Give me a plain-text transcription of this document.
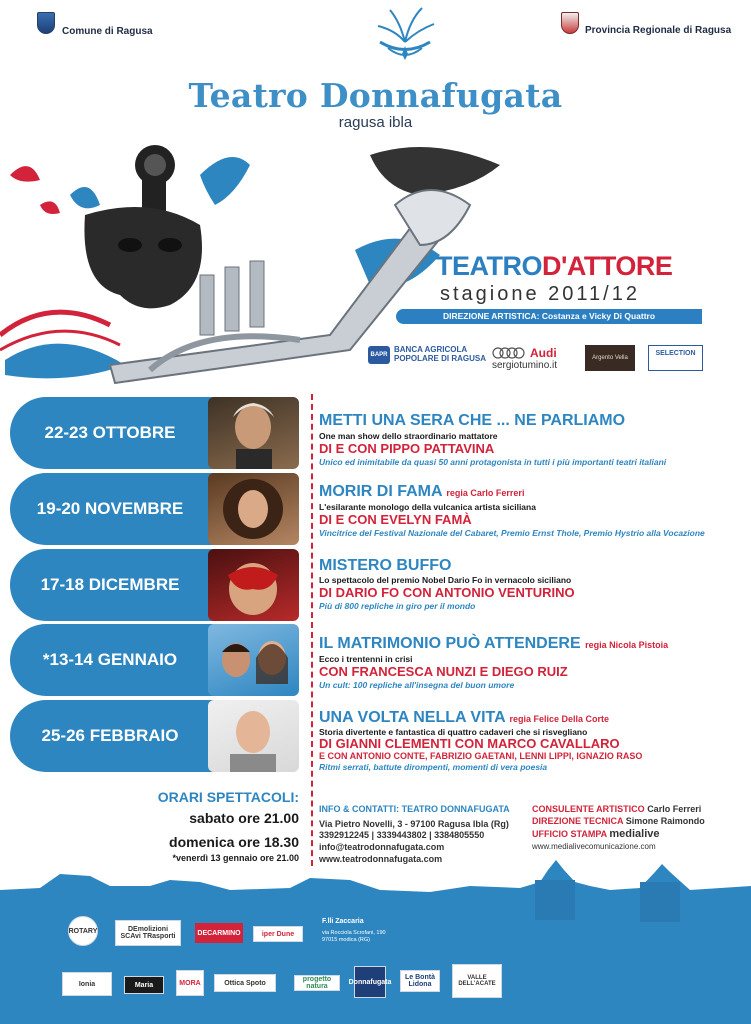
Comune di Ragusa	Provincia Regionale di Ragusa
Teatro Donnafugata
ragusa ibla
TEATROD'ATTORE
stagione 2011/12
DIREZIONE ARTISTICA: Costanza e Vicky Di Quattro
BAPR
BANCA AGRICOLA POPOLARE DI RAGUSA	Audi
sergiotumino.it
Argento Vella
SELECTION
22-23 OTTOBRE
METTI UNA SERA CHE ... NE PARLIAMO
One man show dello straordinario mattatore
DI E CON PIPPO PATTAVINA
Unico ed inimitabile da quasi 50 anni protagonista in tutti i più importanti teatri italiani
19-20 NOVEMBRE
MORIR DI FAMA regia Carlo Ferreri
L'esilarante monologo della vulcanica artista siciliana
DI E CON EVELYN FAMÀ
Vincitrice del Festival Nazionale del Cabaret, Premio Ernst Thole, Premio Hystrio alla Vocazione
17-18 DICEMBRE
MISTERO BUFFO
Lo spettacolo del premio Nobel Dario Fo in vernacolo siciliano
DI DARIO FO CON ANTONIO VENTURINO
Più di 800 repliche in giro per il mondo
*13-14 GENNAIO
IL MATRIMONIO PUÒ ATTENDERE regia Nicola Pistoia
Ecco i trentenni in crisi
CON FRANCESCA NUNZI E DIEGO RUIZ
Un cult: 100 repliche all'insegna del buon umore
25-26 FEBBRAIO
UNA VOLTA NELLA VITA regia Felice Della Corte
Storia divertente e fantastica di quattro cadaveri che si risvegliano
DI GIANNI CLEMENTI CON MARCO CAVALLARO
E CON ANTONIO CONTE, FABRIZIO GAETANI, LENNI LIPPI, IGNAZIO RASO
Ritmi serrati, battute dirompenti, momenti di vera poesia
ORARI SPETTACOLI:
sabato ore 21.00
domenica ore 18.30
*venerdì 13 gennaio ore 21.00
INFO & CONTATTI: TEATRO DONNAFUGATA
Via Pietro Novelli, 3 - 97100 Ragusa Ibla (Rg)
3392912245 | 3339443802 | 3384805550
info@teatrodonnafugata.com
www.teatrodonnafugata.com
CONSULENTE ARTISTICO Carlo Ferreri
DIREZIONE TECNICA Simone Raimondo
UFFICIO STAMPA medialive
www.medialivecomunicazione.com
ROTARY	DEmolizioni SCAvi TRasporti	DECARMINO	iper Dune
F.lli Zaccaria
via Rocciola Scrofani, 190 97015 modica (RG)
Ionia	Maria	MORA	Ottica Spoto	progetto natura
Donnafugata
Le Bontà Lidona
VALLE DELL'ACATE
